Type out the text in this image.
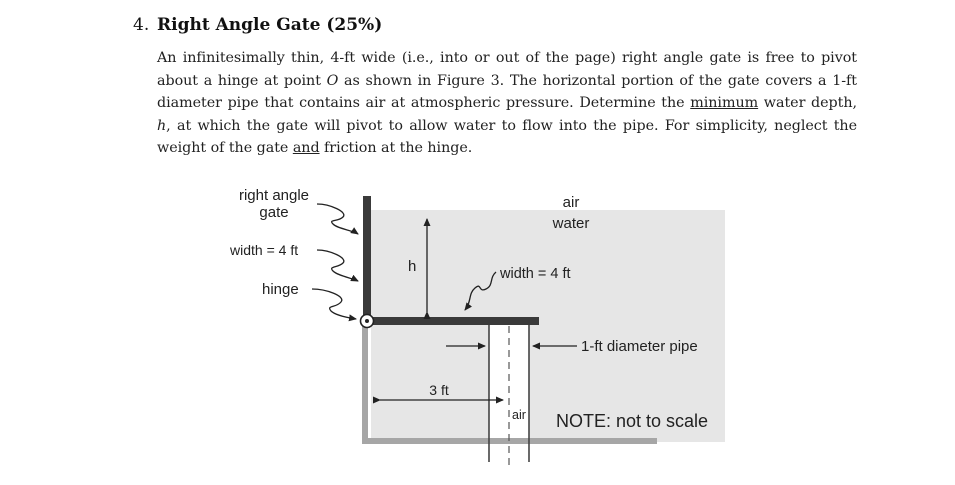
4. Right Angle Gate (25%)
An infinitesimally thin, 4-ft wide (i.e., into or out of the page) right angle gate is free to pivot about a hinge at point O as shown in Figure 3. The horizontal portion of the gate covers a 1-ft diameter pipe that contains air at atmospheric pressure. Determine the minimum water depth, h, at which the gate will pivot to allow water to flow into the pipe. For simplicity, neglect the weight of the gate and friction at the hinge.
right angle
gate
width = 4 ft
hinge
h
air
water
width = 4 ft
1-ft diameter pipe
3 ft
air NOTE: not to scale
